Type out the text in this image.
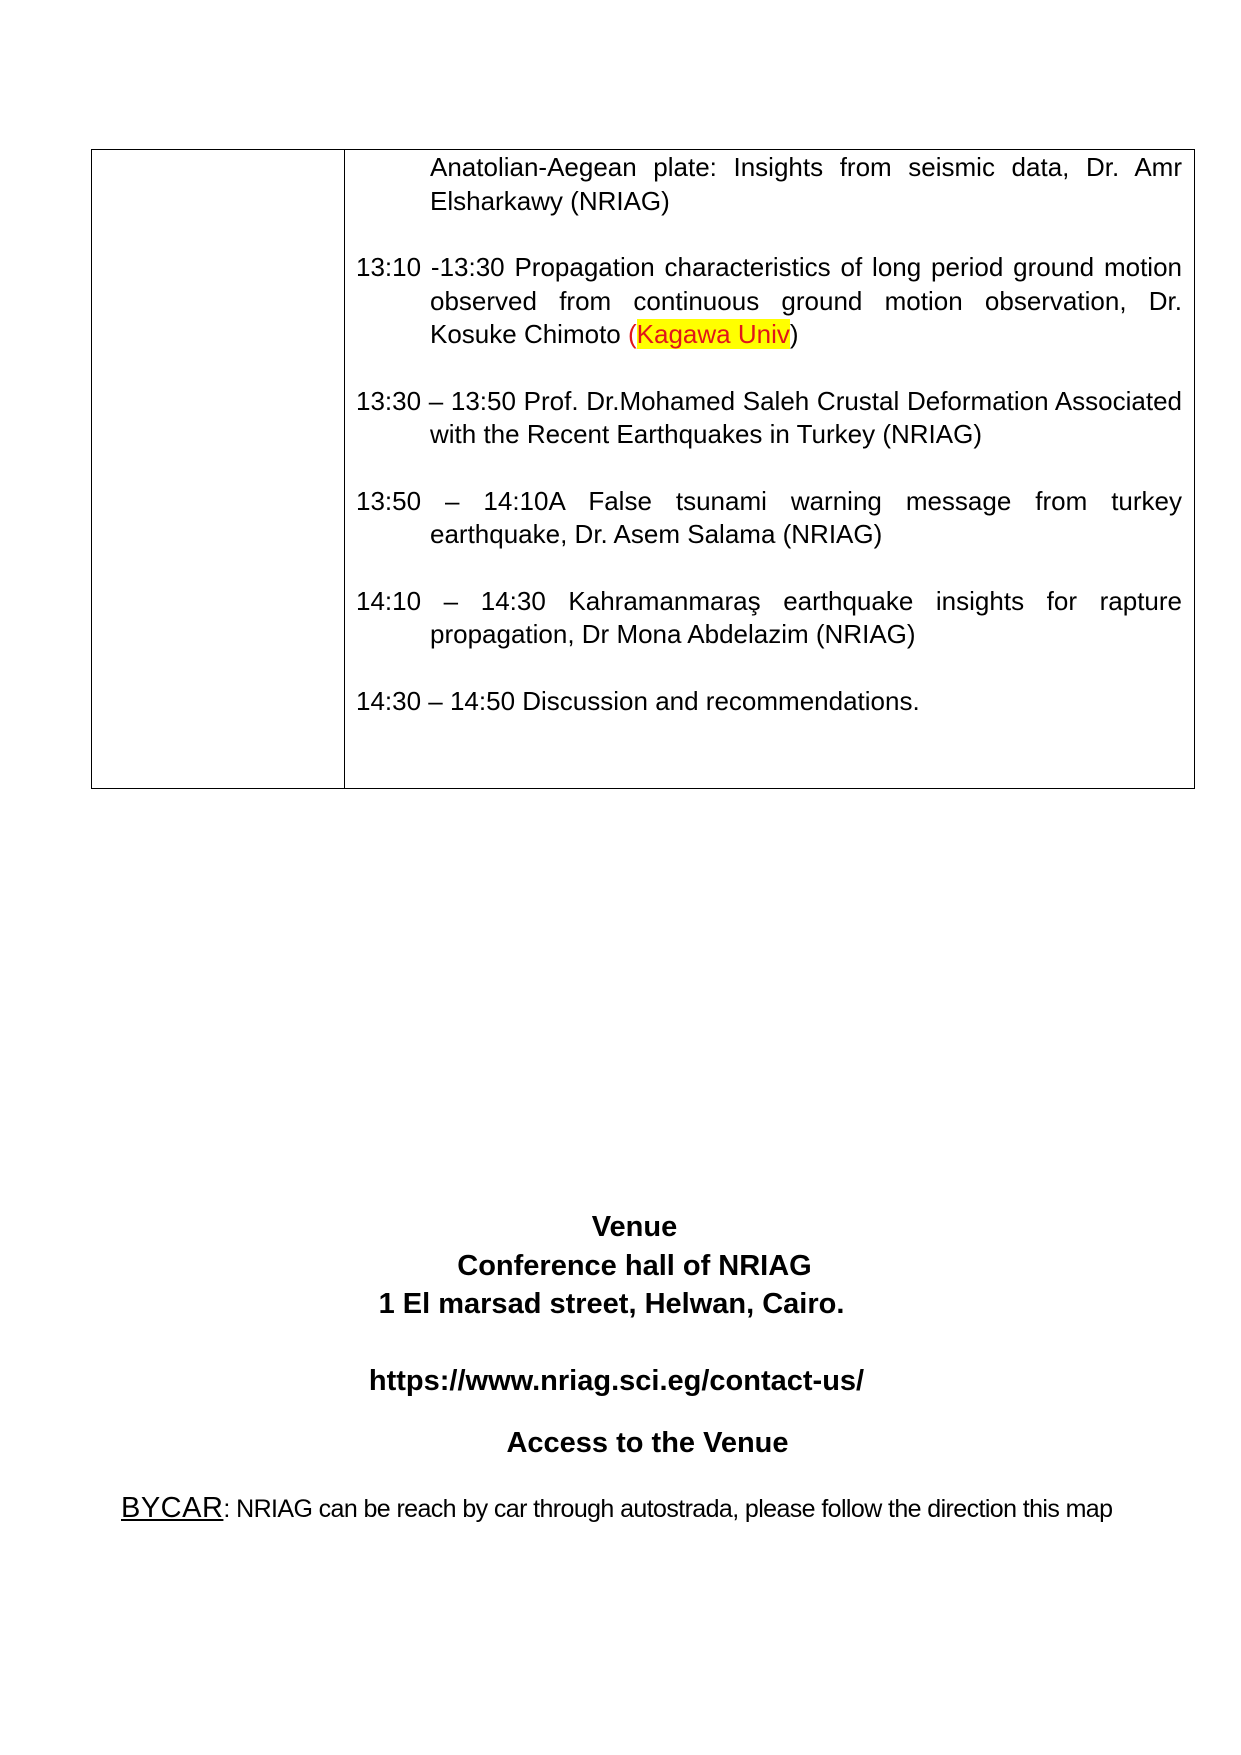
Anatolian-Aegean plate: Insights from seismic data, Dr. Amr Elsharkawy (NRIAG)

13:10 -13:30 Propagation characteristics of long period ground motion observed from continuous ground motion observation, Dr. Kosuke Chimoto (Kagawa Univ)

13:30 – 13:50 Prof. Dr.Mohamed Saleh Crustal Deformation Associated with the Recent Earthquakes in Turkey (NRIAG)

13:50 – 14:10A False tsunami warning message from turkey earthquake, Dr. Asem Salama (NRIAG)

14:10 – 14:30 Kahramanmaraş earthquake insights for rapture propagation, Dr Mona Abdelazim (NRIAG)

14:30 – 14:50 Discussion and recommendations.

Venue
Conference hall of NRIAG
1 El marsad street, Helwan, Cairo.
https://www.nriag.sci.eg/contact-us/
Access to the Venue
BYCAR: NRIAG can be reach by car through autostrada, please follow the direction this map
